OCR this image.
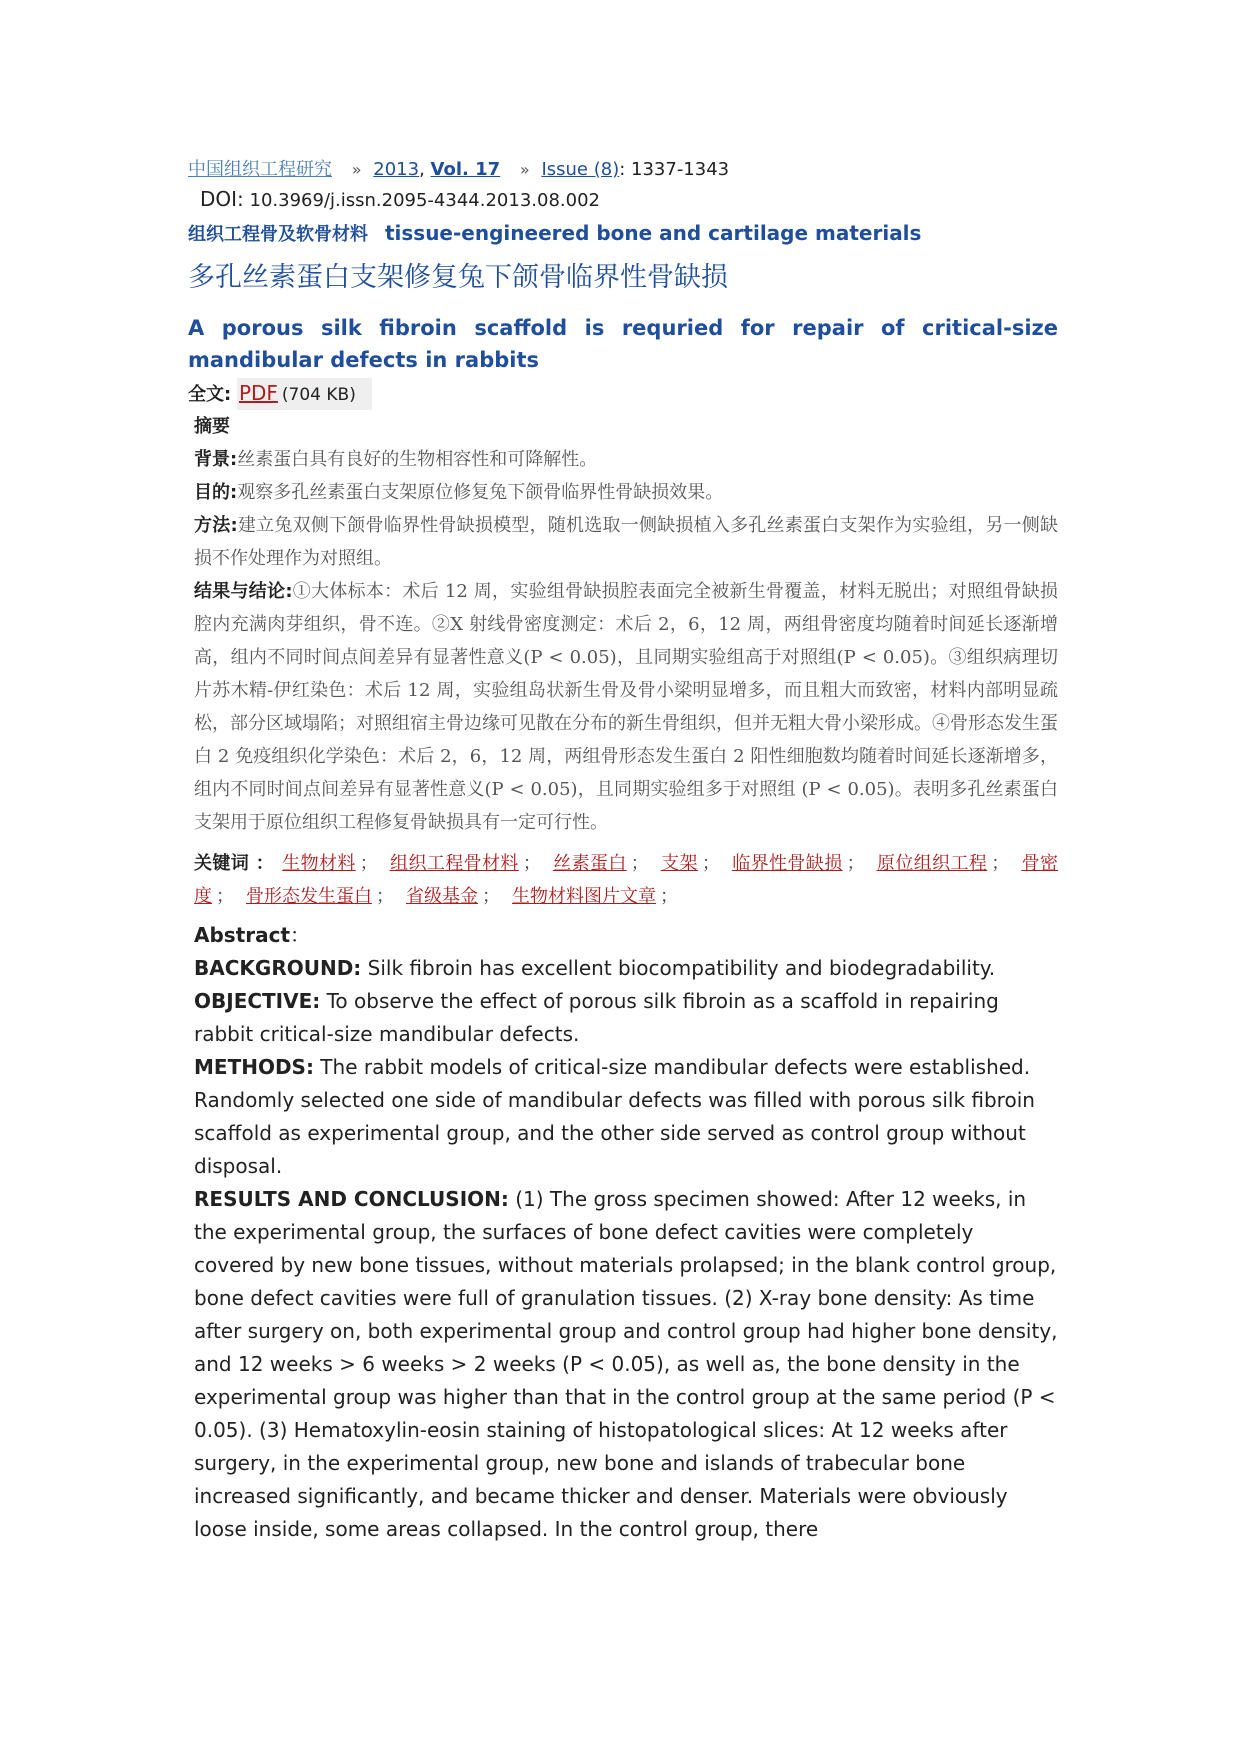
中国组织工程研究 » 2013, Vol. 17 » Issue (8): 1337-1343
DOI: 10.3969/j.issn.2095-4344.2013.08.002
组织工程骨及软骨材料 tissue-engineered bone and cartilage materials
多孔丝素蛋白支架修复兔下颌骨临界性骨缺损
A porous silk fibroin scaffold is requried for repair of critical-size mandibular defects in rabbits
全文: PDF (704 KB)
摘要

背景:丝素蛋白具有良好的生物相容性和可降解性。

目的:观察多孔丝素蛋白支架原位修复兔下颌骨临界性骨缺损效果。

方法:建立兔双侧下颌骨临界性骨缺损模型，随机选取一侧缺损植入多孔丝素蛋白支架作为实验组，另一侧缺损不作处理作为对照组。

结果与结论:①大体标本：术后 12 周，实验组骨缺损腔表面完全被新生骨覆盖，材料无脱出；对照组骨缺损腔内充满肉芽组织，骨不连。②X 射线骨密度测定：术后 2，6，12 周，两组骨密度均随着时间延长逐渐增高，组内不同时间点间差异有显著性意义(P < 0.05)，且同期实验组高于对照组(P < 0.05)。③组织病理切片苏木精-伊红染色：术后 12 周，实验组岛状新生骨及骨小梁明显增多，而且粗大而致密，材料内部明显疏松，部分区域塌陷；对照组宿主骨边缘可见散在分布的新生骨组织，但并无粗大骨小梁形成。④骨形态发生蛋白 2 免疫组织化学染色：术后 2，6，12 周，两组骨形态发生蛋白 2 阳性细胞数均随着时间延长逐渐增多，组内不同时间点间差异有显著性意义(P < 0.05)，且同期实验组多于对照组 (P < 0.05)。表明多孔丝素蛋白支架用于原位组织工程修复骨缺损具有一定可行性。

关键词 ： 生物材料 ； 组织工程骨材料 ； 丝素蛋白 ； 支架 ； 临界性骨缺损 ； 原位组织工程 ； 骨密度 ； 骨形态发生蛋白 ； 省级基金 ； 生物材料图片文章 ；
Abstract：

BACKGROUND: Silk fibroin has excellent biocompatibility and biodegradability.

OBJECTIVE: To observe the effect of porous silk fibroin as a scaffold in repairing rabbit critical-size mandibular defects.

METHODS: The rabbit models of critical-size mandibular defects were established. Randomly selected one side of mandibular defects was filled with porous silk fibroin scaffold as experimental group, and the other side served as control group without disposal.

RESULTS AND CONCLUSION: (1) The gross specimen showed: After 12 weeks, in the experimental group, the surfaces of bone defect cavities were completely covered by new bone tissues, without materials prolapsed; in the blank control group, bone defect cavities were full of granulation tissues. (2) X-ray bone density: As time after surgery on, both experimental group and control group had higher bone density, and 12 weeks > 6 weeks > 2 weeks (P < 0.05), as well as, the bone density in the experimental group was higher than that in the control group at the same period (P < 0.05). (3) Hematoxylin-eosin staining of histopatological slices: At 12 weeks after surgery, in the experimental group, new bone and islands of trabecular bone increased significantly, and became thicker and denser. Materials were obviously loose inside, some areas collapsed. In the control group, there
